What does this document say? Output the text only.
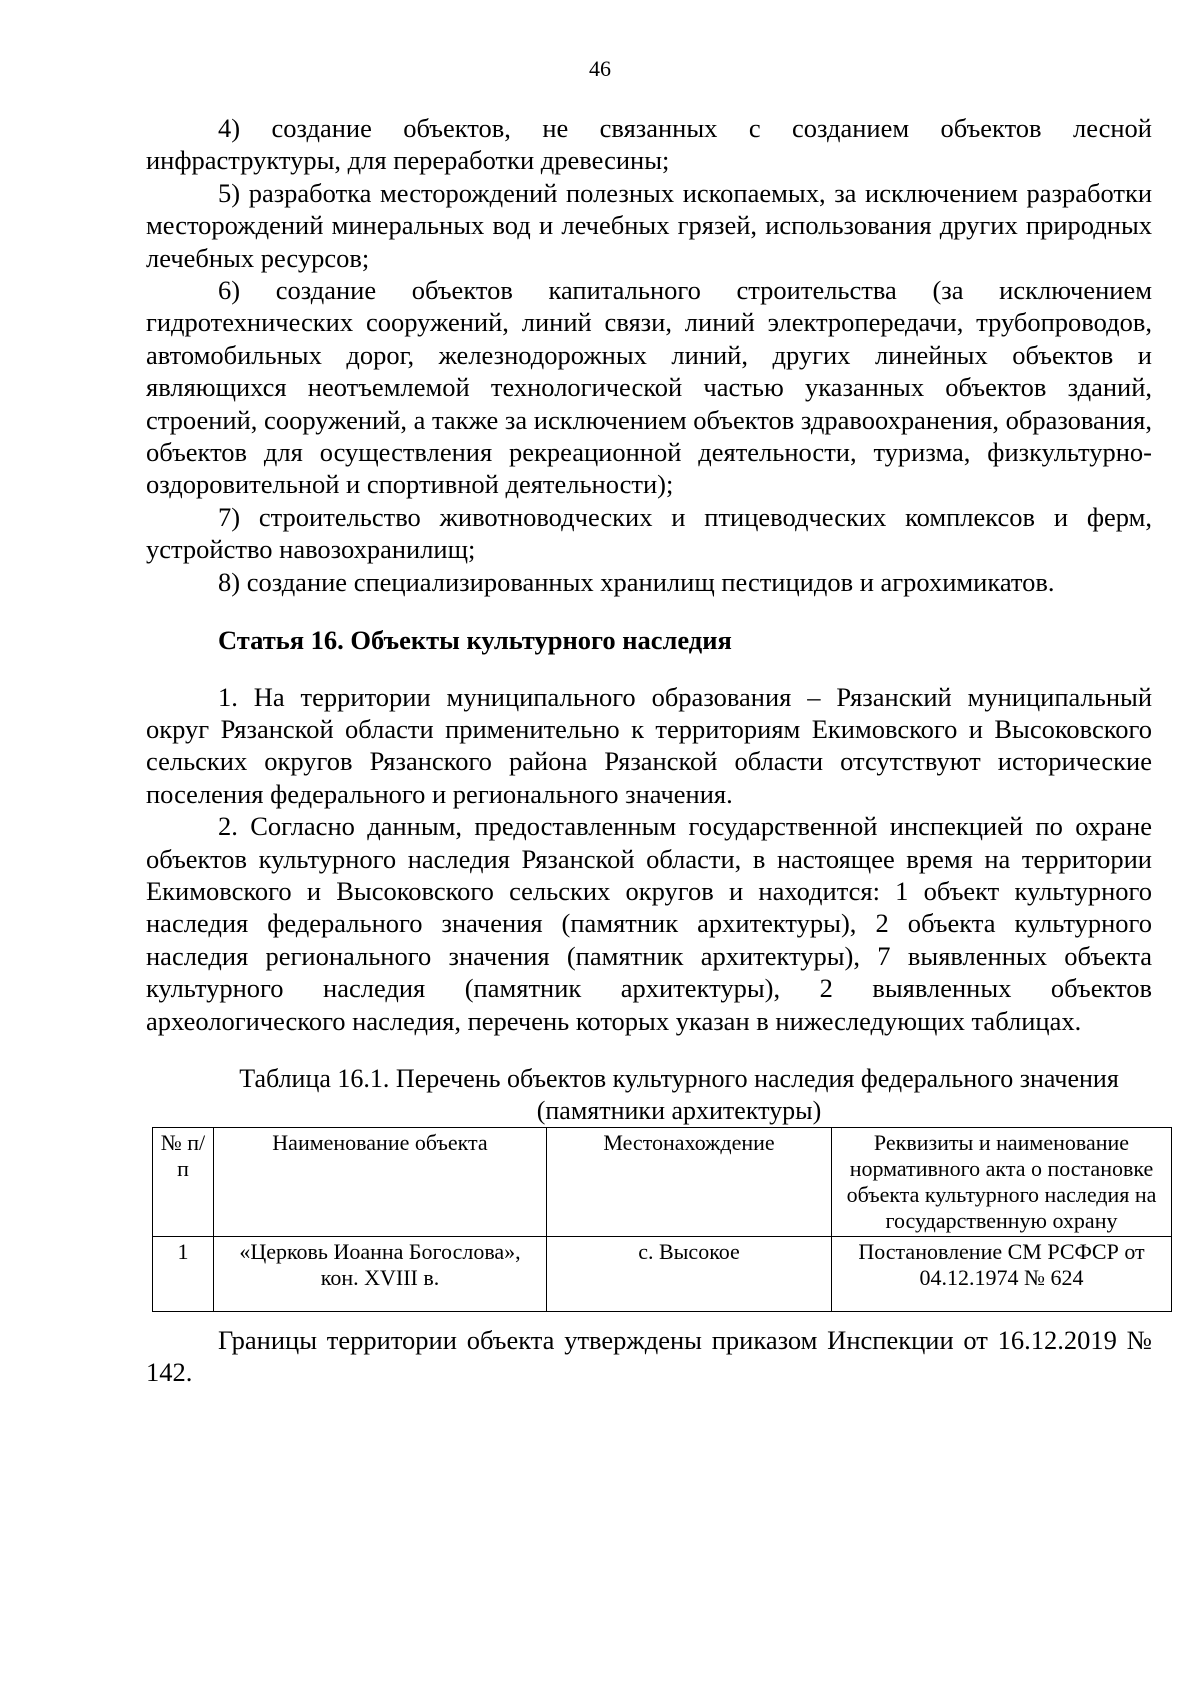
46

4) создание объектов, не связанных с созданием объектов лесной инфраструктуры, для переработки древесины;

5) разработка месторождений полезных ископаемых, за исключением разработки месторождений минеральных вод и лечебных грязей, использования других природных лечебных ресурсов;

6) создание объектов капитального строительства (за исключением гидротехнических сооружений, линий связи, линий электропередачи, трубопроводов, автомобильных дорог, железнодорожных линий, других линейных объектов и являющихся неотъемлемой технологической частью указанных объектов зданий, строений, сооружений, а также за исключением объектов здравоохранения, образования, объектов для осуществления рекреационной деятельности, туризма, физкультурно-оздоровительной и спортивной деятельности);

7) строительство животноводческих и птицеводческих комплексов и ферм, устройство навозохранилищ;

8) создание специализированных хранилищ пестицидов и агрохимикатов.

Статья 16. Объекты культурного наследия

1. На территории муниципального образования – Рязанский муниципальный округ Рязанской области применительно к территориям Екимовского и Высоковского сельских округов Рязанского района Рязанской области отсутствуют исторические поселения федерального и регионального значения.

2. Согласно данным, предоставленным государственной инспекцией по охране объектов культурного наследия Рязанской области, в настоящее время на территории Екимовского и Высоковского сельских округов и находится: 1 объект культурного наследия федерального значения (памятник архитектуры), 2 объекта культурного наследия регионального значения (памятник архитектуры), 7 выявленных объекта культурного наследия (памятник архитектуры), 2 выявленных объектов археологического наследия, перечень которых указан в нижеследующих таблицах.

Таблица 16.1. Перечень объектов культурного наследия федерального значения (памятники архитектуры)

№ п/п	Наименование объекта	Местонахождение	Реквизиты и наименование нормативного акта о постановке объекта культурного наследия на государственную охрану
1	«Церковь Иоанна Богослова», кон. XVIII в.	с. Высокое	Постановление СМ РСФСР от 04.12.1974 № 624

Границы территории объекта утверждены приказом Инспекции от 16.12.2019 № 142.
